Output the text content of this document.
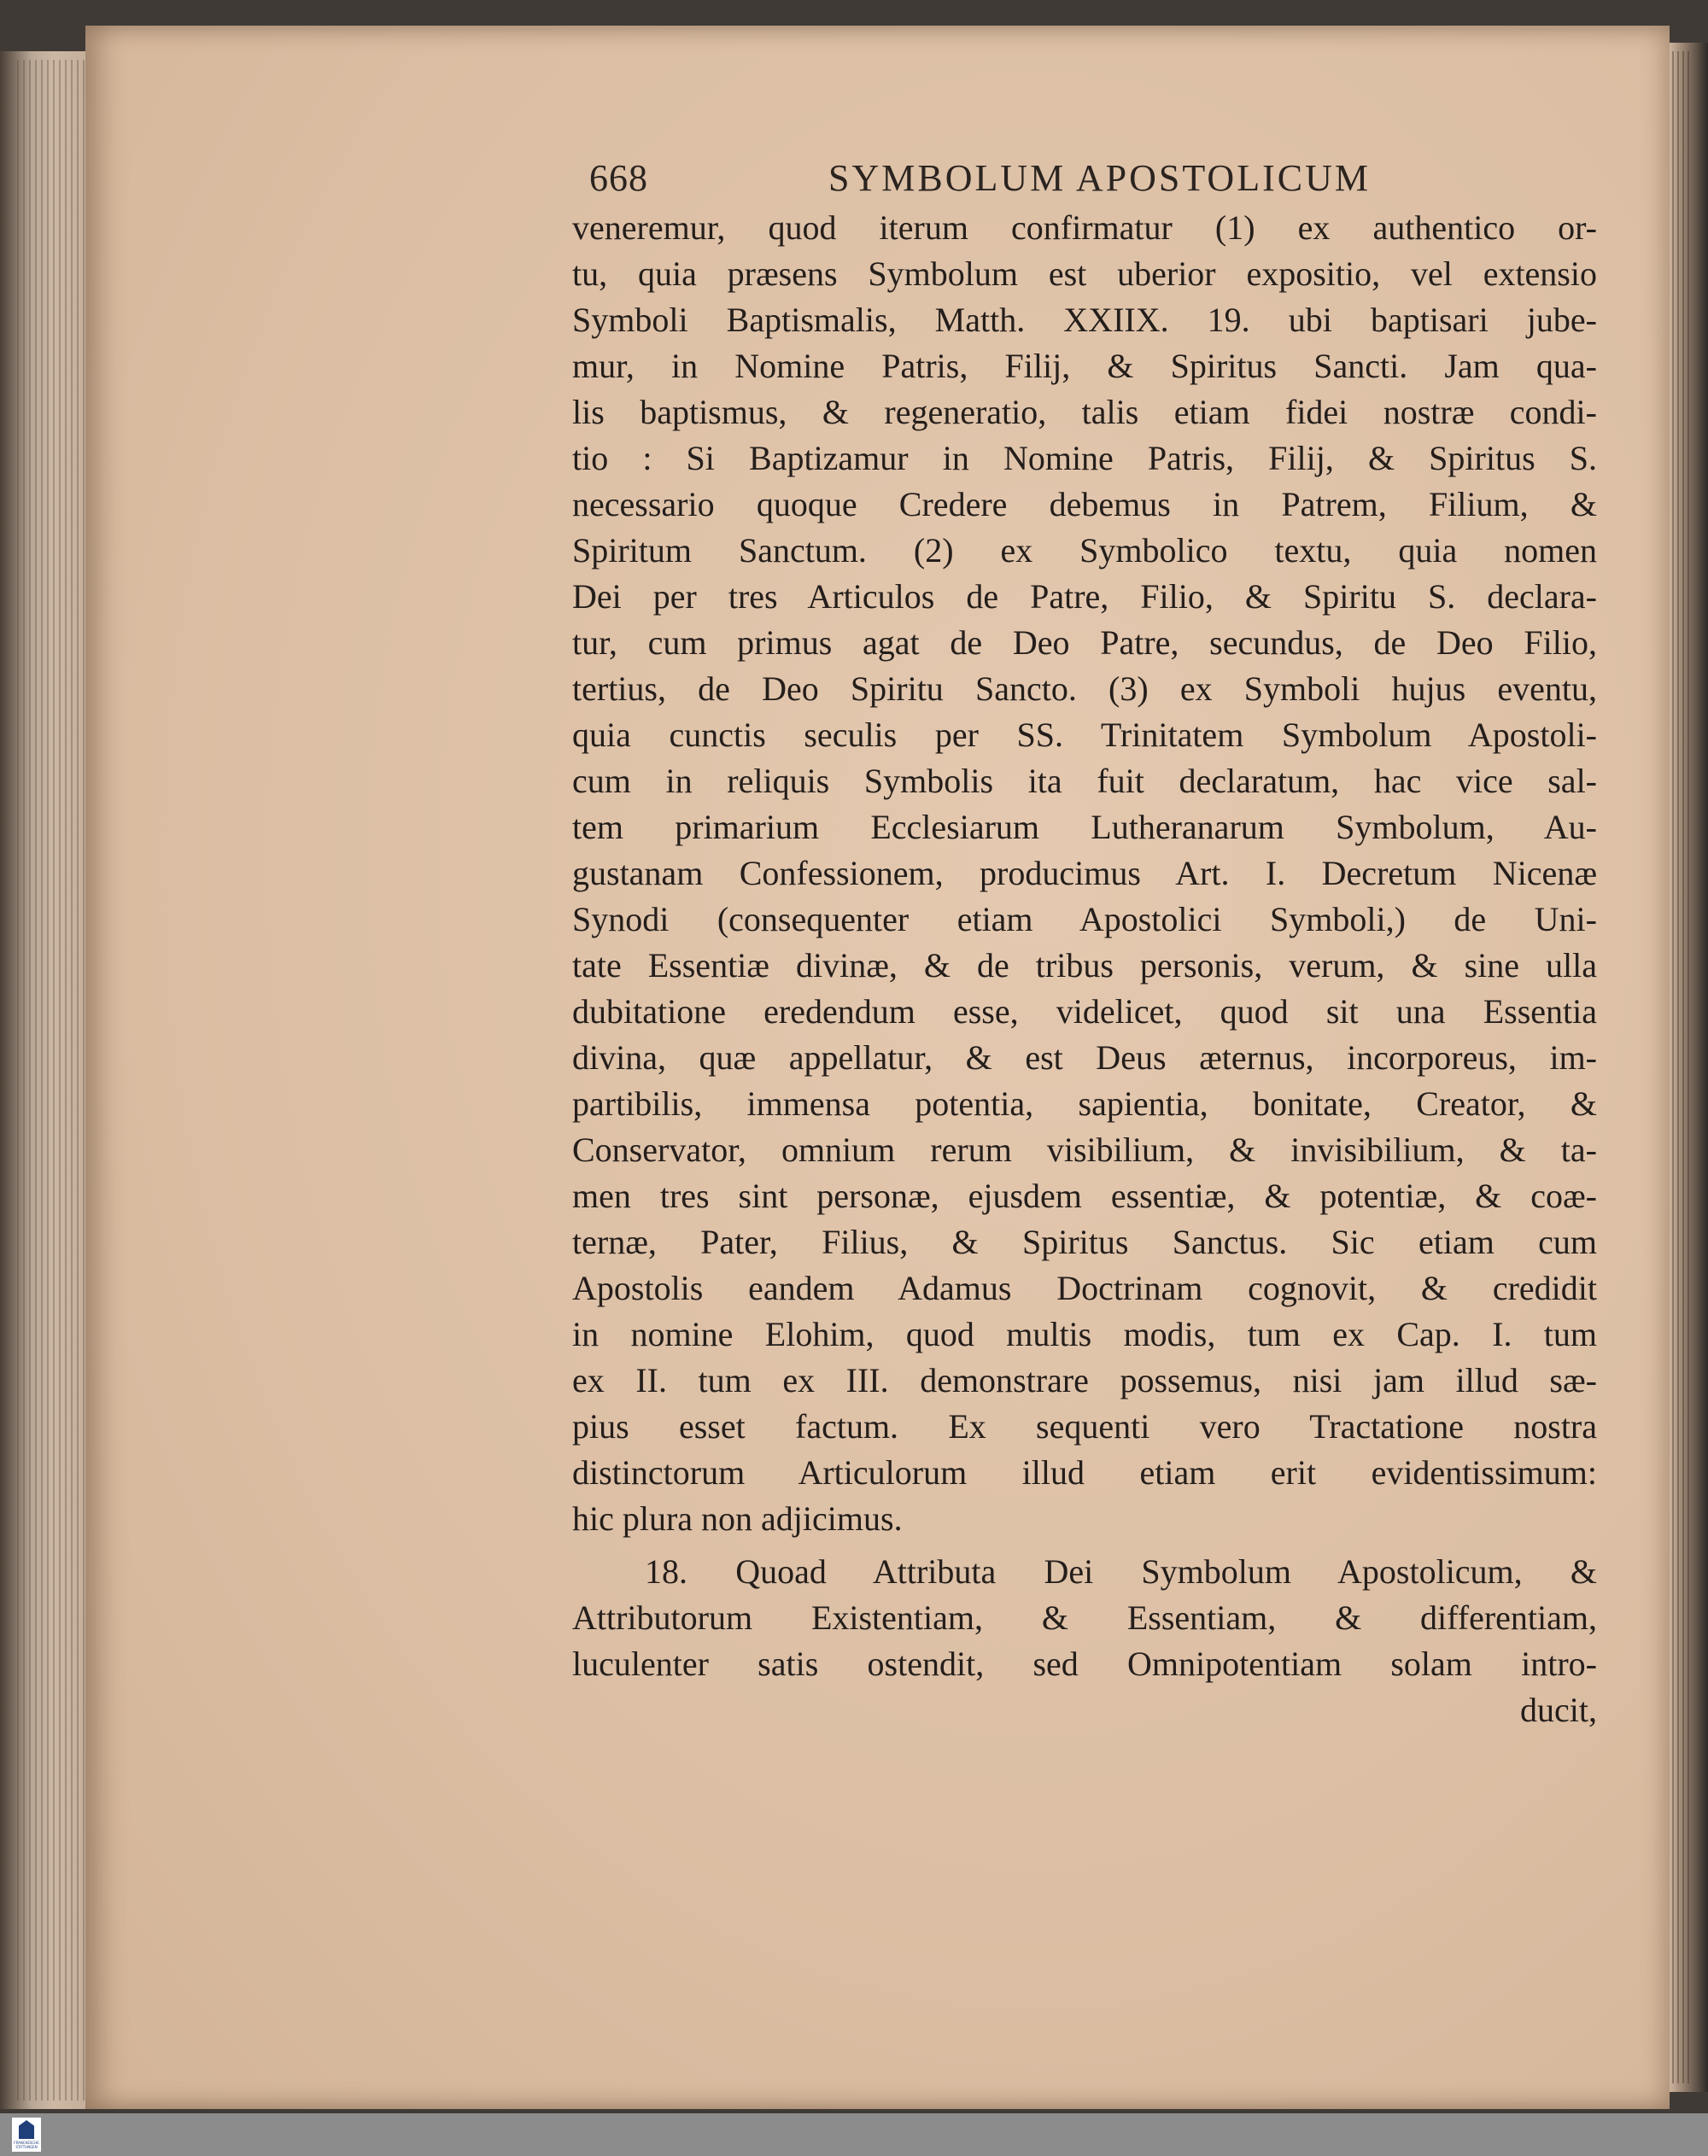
668	SYMBOLUM APOSTOLICUM
veneremur, quod iterum confirmatur (1) ex authentico or-
tu, quia præsens Symbolum est uberior expositio, vel extensio
Symboli Baptismalis, Matth. XXIIX. 19. ubi baptisari jube-
mur, in Nomine Patris, Filij, & Spiritus Sancti. Jam qua-
lis baptismus, & regeneratio, talis etiam fidei nostræ condi-
tio : Si Baptizamur in Nomine Patris, Filij, & Spiritus S.
necessario quoque Credere debemus in Patrem, Filium, &
Spiritum Sanctum. (2) ex Symbolico textu, quia nomen
Dei per tres Articulos de Patre, Filio, & Spiritu S. declara-
tur, cum primus agat de Deo Patre, secundus, de Deo Filio,
tertius, de Deo Spiritu Sancto. (3) ex Symboli hujus eventu,
quia cunctis seculis per SS. Trinitatem Symbolum Apostoli-
cum in reliquis Symbolis ita fuit declaratum, hac vice sal-
tem primarium Ecclesiarum Lutheranarum Symbolum, Au-
gustanam Confessionem, producimus Art. I. Decretum Nicenæ
Synodi (consequenter etiam Apostolici Symboli,) de Uni-
tate Essentiæ divinæ, & de tribus personis, verum, & sine ulla
dubitatione eredendum esse, videlicet, quod sit una Essentia
divina, quæ appellatur, & est Deus æternus, incorporeus, im-
partibilis, immensa potentia, sapientia, bonitate, Creator, &
Conservator, omnium rerum visibilium, & invisibilium, & ta-
men tres sint personæ, ejusdem essentiæ, & potentiæ, & coæ-
ternæ, Pater, Filius, & Spiritus Sanctus. Sic etiam cum
Apostolis eandem Adamus Doctrinam cognovit, & credidit
in nomine Elohim, quod multis modis, tum ex Cap. I. tum
ex II. tum ex III. demonstrare possemus, nisi jam illud sæ-
pius esset factum. Ex sequenti vero Tractatione nostra
distinctorum Articulorum illud etiam erit evidentissimum:
hic plura non adjicimus.
18. Quoad Attributa Dei Symbolum Apostolicum, &
Attributorum Existentiam, & Essentiam, & differentiam,
luculenter satis ostendit, sed Omnipotentiam solam intro-
ducit,
FRANCKESCHE STIFTUNGEN
